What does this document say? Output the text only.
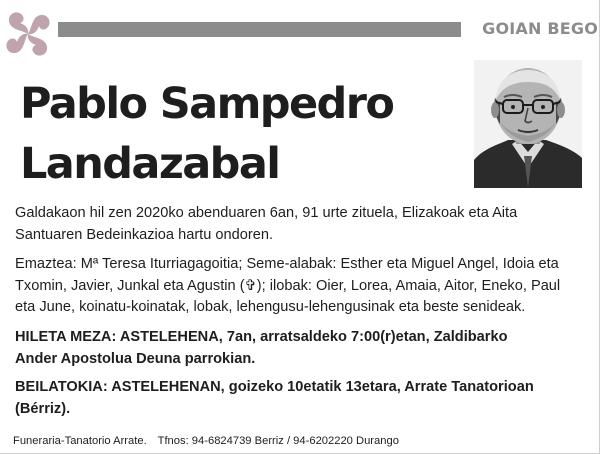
GOIAN BEGO
Pablo Sampedro
Landazabal
Galdakaon hil zen 2020ko abenduaren 6an, 91 urte zituela, Elizakoak eta Aita
Santuaren Bedeinkazioa hartu ondoren.
Emaztea: Mª Teresa Iturriagagoitia; Seme-alabak: Esther eta Miguel Angel, Idoia eta
Txomin, Javier, Junkal eta Agustin (✞); ilobak: Oier, Lorea, Amaia, Aitor, Eneko, Paul
eta June, koinatu-koinatak, lobak, lehengusu-lehengusinak eta beste senideak.
HILETA MEZA: ASTELEHENA, 7an, arratsaldeko 7:00(r)etan, Zaldibarko
Ander Apostolua Deuna parrokian.
BEILATOKIA: ASTELEHENAN, goizeko 10etatik 13etara, Arrate Tanatorioan
(Bérriz).
Funeraria-Tanatorio Arrate. Tfnos: 94-6824739 Berriz / 94-6202220 Durango
